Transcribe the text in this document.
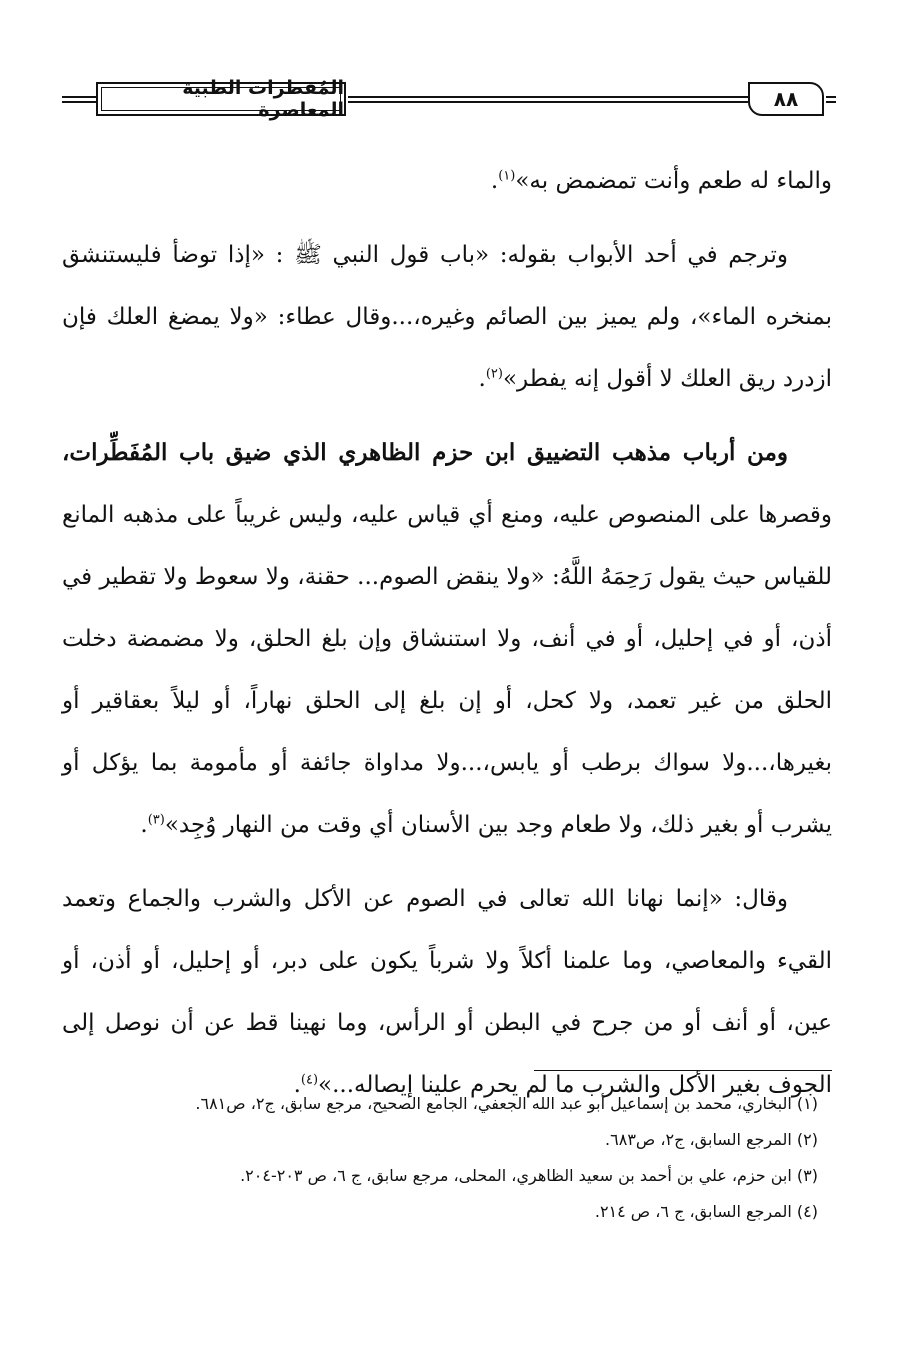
المُفطرات الطبية المعاصرة	٨٨

والماء له طعم وأنت تمضمض به»$^{(١)}$.

وترجم في أحد الأبواب بقوله: «باب قول النبي ﷺ : «إذا توضأ فليستنشق بمنخره الماء»، ولم يميز بين الصائم وغيره،...وقال عطاء: «ولا يمضغ العلك فإن ازدرد ريق العلك لا أقول إنه يفطر»$^{(٢)}$.

ومن أرباب مذهب التضييق ابن حزم الظاهري الذي ضيق باب المُفَطِّرات، وقصرها على المنصوص عليه، ومنع أي قياس عليه، وليس غريباً على مذهبه المانع للقياس حيث يقول رَحِمَهُ اللَّهُ: «ولا ينقض الصوم... حقنة، ولا سعوط ولا تقطير في أذن، أو في إحليل، أو في أنف، ولا استنشاق وإن بلغ الحلق، ولا مضمضة دخلت الحلق من غير تعمد، ولا كحل، أو إن بلغ إلى الحلق نهاراً، أو ليلاً بعقاقير أو بغيرها،...ولا سواك برطب أو يابس،...ولا مداواة جائفة أو مأمومة بما يؤكل أو يشرب أو بغير ذلك، ولا طعام وجد بين الأسنان أي وقت من النهار وُجِد»$^{(٣)}$.

وقال: «إنما نهانا الله تعالى في الصوم عن الأكل والشرب والجماع وتعمد القيء والمعاصي، وما علمنا أكلاً ولا شرباً يكون على دبر، أو إحليل، أو أذن، أو عين، أو أنف أو من جرح في البطن أو الرأس، وما نهينا قط عن أن نوصل إلى الجوف بغير الأكل والشرب ما لم يحرم علينا إيصاله...»$^{(٤)}$.

(١) البخاري، محمد بن إسماعيل أبو عبد الله الجعفي، الجامع الصحيح، مرجع سابق، ج٢، ص٦٨١.

(٢) المرجع السابق، ج٢، ص٦٨٣.

(٣) ابن حزم، علي بن أحمد بن سعيد الظاهري، المحلى، مرجع سابق، ج ٦، ص ٢٠٣-٢٠٤.

(٤) المرجع السابق، ج ٦، ص ٢١٤.
